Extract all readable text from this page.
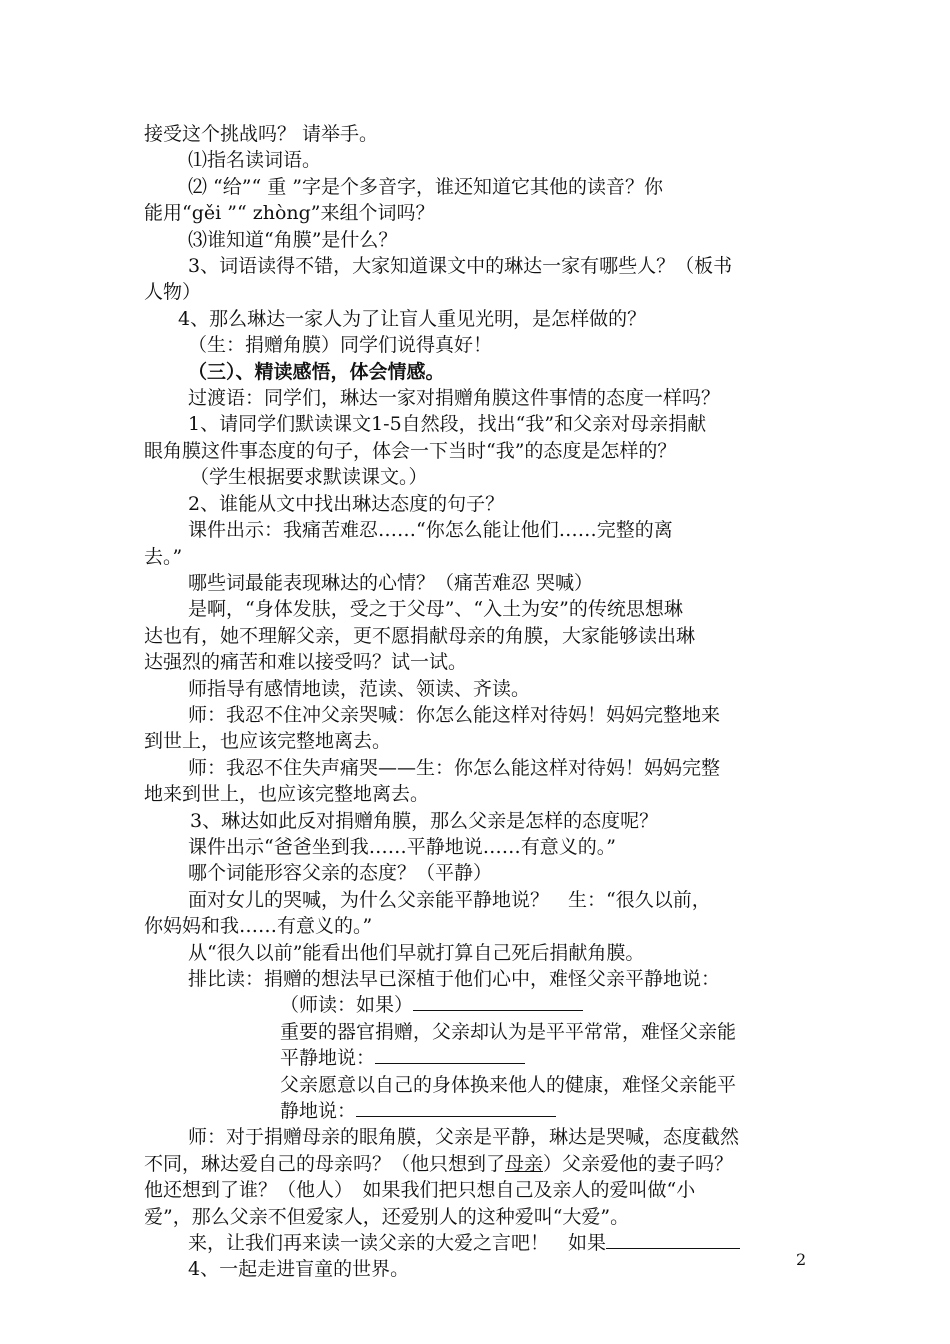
接受这个挑战吗？ 请举手。

⑴指名读词语。

⑵ “给”“ 重 ”字是个多音字，谁还知道它其他的读音？你

能用“gěi ”“ zhòng”来组个词吗？

⑶谁知道“角膜”是什么？

3、词语读得不错，大家知道课文中的琳达一家有哪些人？（板书

人物）

4、那么琳达一家人为了让盲人重见光明，是怎样做的？

（生：捐赠角膜）同学们说得真好！

（三）、精读感悟，体会情感。

过渡语：同学们，琳达一家对捐赠角膜这件事情的态度一样吗？

1、请同学们默读课文1-5自然段，找出“我”和父亲对母亲捐献

眼角膜这件事态度的句子，体会一下当时“我”的态度是怎样的？

（学生根据要求默读课文。）

2、谁能从文中找出琳达态度的句子？

课件出示：我痛苦难忍……“你怎么能让他们……完整的离

去。”

哪些词最能表现琳达的心情？（痛苦难忍 哭喊）

是啊，“身体发肤，受之于父母”、“入土为安”的传统思想琳

达也有，她不理解父亲，更不愿捐献母亲的角膜，大家能够读出琳

达强烈的痛苦和难以接受吗？试一试。

师指导有感情地读，范读、领读、齐读。

师：我忍不住冲父亲哭喊：你怎么能这样对待妈！妈妈完整地来

到世上，也应该完整地离去。

师：我忍不住失声痛哭——生：你怎么能这样对待妈！妈妈完整

地来到世上，也应该完整地离去。

3、琳达如此反对捐赠角膜，那么父亲是怎样的态度呢？

课件出示“爸爸坐到我……平静地说……有意义的。”

哪个词能形容父亲的态度？（平静）

面对女儿的哭喊，为什么父亲能平静地说？　生：“很久以前，

你妈妈和我……有意义的。”

从“很久以前”能看出他们早就打算自己死后捐献角膜。

排比读：捐赠的想法早已深植于他们心中，难怪父亲平静地说：

（师读：如果）

重要的器官捐赠，父亲却认为是平平常常，难怪父亲能

平静地说：

父亲愿意以自己的身体换来他人的健康，难怪父亲能平

静地说：

师：对于捐赠母亲的眼角膜，父亲是平静，琳达是哭喊，态度截然

不同，琳达爱自己的母亲吗？（他只想到了母亲）父亲爱他的妻子吗？

他还想到了谁？（他人）　如果我们把只想自己及亲人的爱叫做“小

爱”，那么父亲不但爱家人，还爱别人的这种爱叫“大爱”。

来，让我们再来读一读父亲的大爱之言吧！　如果

4、一起走进盲童的世界。	2
